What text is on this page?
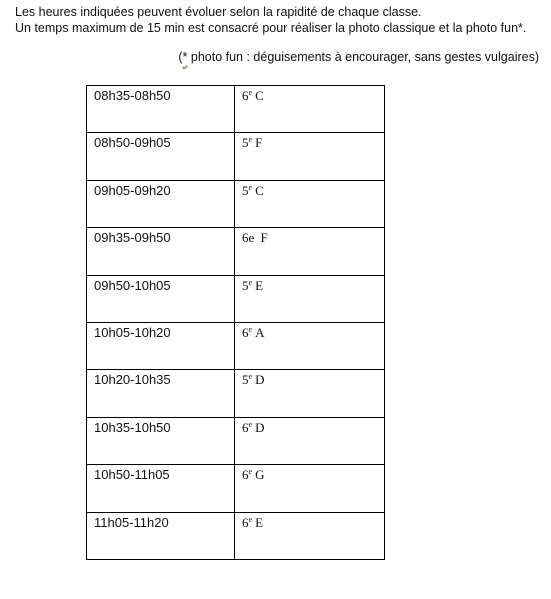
Les heures indiquées peuvent évoluer selon la rapidité de chaque classe.

Un temps maximum de 15 min est consacré pour réaliser la photo classique et la photo fun*.

(* photo fun : déguisements à encourager, sans gestes vulgaires)
08h35-08h50	6e C
08h50-09h05	5e F
09h05-09h20	5e C
09h35-09h50	6e F
09h50-10h05	5e E
10h05-10h20	6e A
10h20-10h35	5e D
10h35-10h50	6e D
10h50-11h05	6e G
11h05-11h20	6e E
